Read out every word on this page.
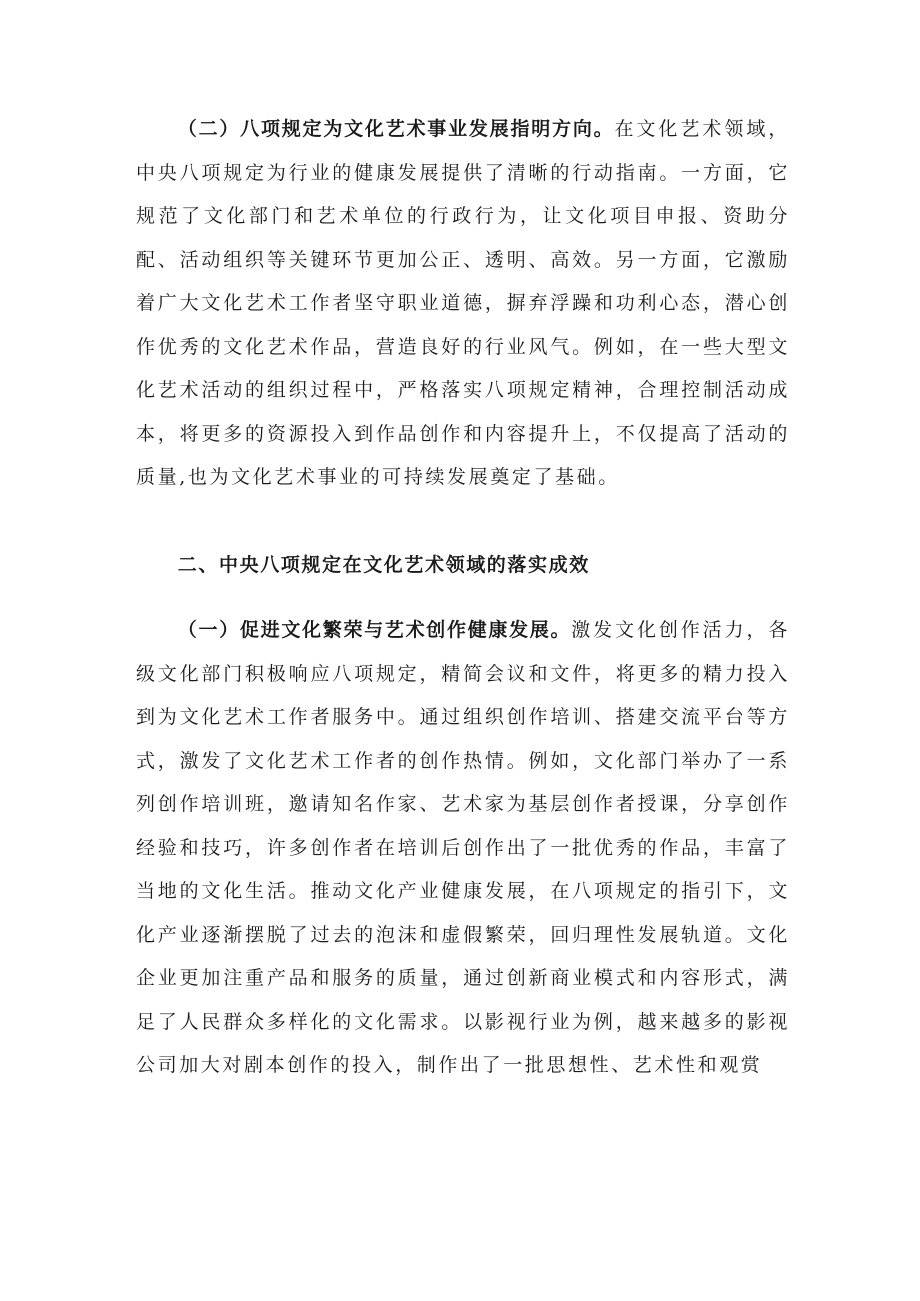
（二）八项规定为文化艺术事业发展指明方向。在文化艺术领域，中央八项规定为行业的健康发展提供了清晰的行动指南。一方面，它规范了文化部门和艺术单位的行政行为，让文化项目申报、资助分配、活动组织等关键环节更加公正、透明、高效。另一方面，它激励着广大文化艺术工作者坚守职业道德，摒弃浮躁和功利心态，潜心创作优秀的文化艺术作品，营造良好的行业风气。例如，在一些大型文化艺术活动的组织过程中，严格落实八项规定精神，合理控制活动成本，将更多的资源投入到作品创作和内容提升上，不仅提高了活动的质量,也为文化艺术事业的可持续发展奠定了基础。

二、中央八项规定在文化艺术领域的落实成效

（一）促进文化繁荣与艺术创作健康发展。激发文化创作活力，各级文化部门积极响应八项规定，精简会议和文件，将更多的精力投入到为文化艺术工作者服务中。通过组织创作培训、搭建交流平台等方式，激发了文化艺术工作者的创作热情。例如，文化部门举办了一系列创作培训班，邀请知名作家、艺术家为基层创作者授课，分享创作经验和技巧，许多创作者在培训后创作出了一批优秀的作品，丰富了当地的文化生活。推动文化产业健康发展，在八项规定的指引下，文化产业逐渐摆脱了过去的泡沫和虚假繁荣，回归理性发展轨道。文化企业更加注重产品和服务的质量，通过创新商业模式和内容形式，满足了人民群众多样化的文化需求。以影视行业为例，越来越多的影视公司加大对剧本创作的投入，制作出了一批思想性、艺术性和观赏
